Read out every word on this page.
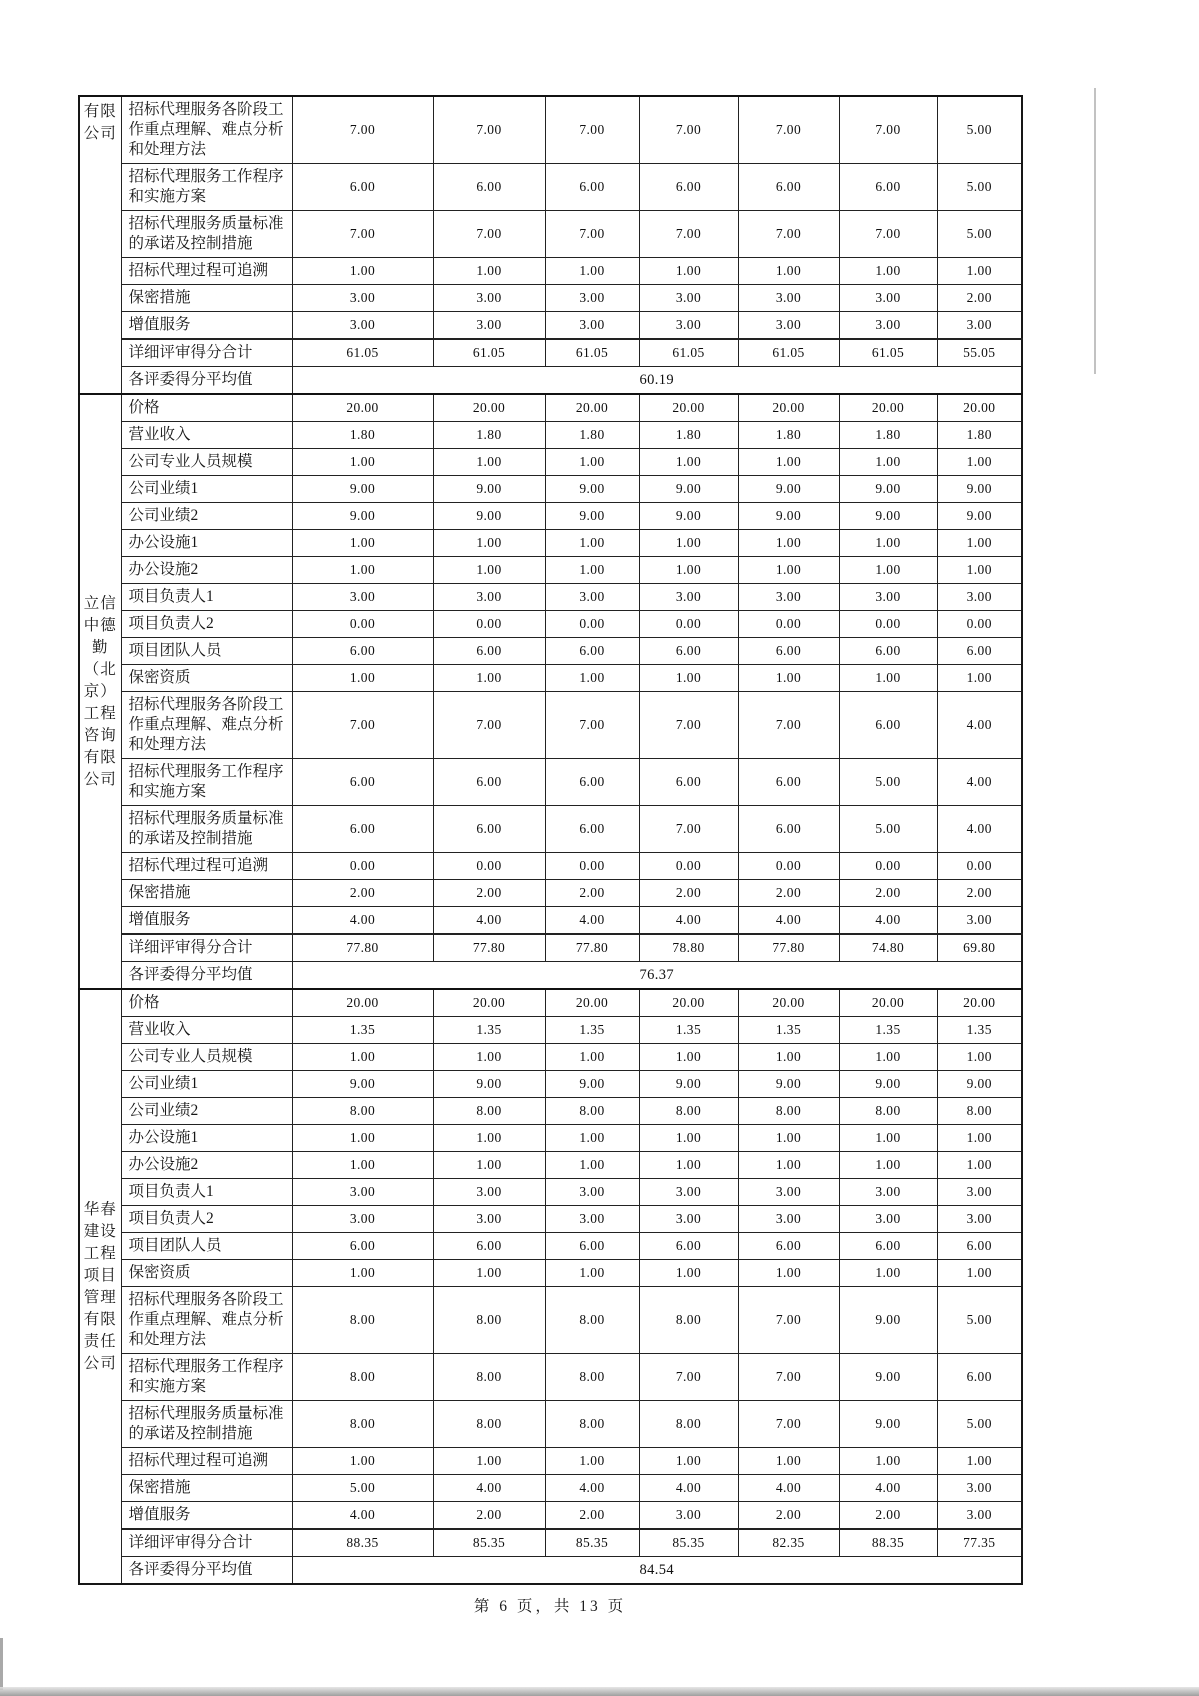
有限
公司	招标代理服务各阶段工作重点理解、难点分析和处理方法	7.00	7.00	7.00	7.00	7.00	7.00	5.00
	招标代理服务工作程序和实施方案	6.00	6.00	6.00	6.00	6.00	6.00	5.00
	招标代理服务质量标准的承诺及控制措施	7.00	7.00	7.00	7.00	7.00	7.00	5.00
	招标代理过程可追溯	1.00	1.00	1.00	1.00	1.00	1.00	1.00
	保密措施	3.00	3.00	3.00	3.00	3.00	3.00	2.00
	增值服务	3.00	3.00	3.00	3.00	3.00	3.00	3.00
	详细评审得分合计	61.05	61.05	61.05	61.05	61.05	61.05	55.05
	各评委得分平均值	60.19						

立信
中德
勤
（北
京）
工程
咨询
有限
公司
	价格	20.00	20.00	20.00	20.00	20.00	20.00	20.00
	营业收入	1.80	1.80	1.80	1.80	1.80	1.80	1.80
	公司专业人员规模	1.00	1.00	1.00	1.00	1.00	1.00	1.00
	公司业绩1	9.00	9.00	9.00	9.00	9.00	9.00	9.00
	公司业绩2	9.00	9.00	9.00	9.00	9.00	9.00	9.00
	办公设施1	1.00	1.00	1.00	1.00	1.00	1.00	1.00
	办公设施2	1.00	1.00	1.00	1.00	1.00	1.00	1.00
	项目负责人1	3.00	3.00	3.00	3.00	3.00	3.00	3.00
	项目负责人2	0.00	0.00	0.00	0.00	0.00	0.00	0.00
	项目团队人员	6.00	6.00	6.00	6.00	6.00	6.00	6.00
	保密资质	1.00	1.00	1.00	1.00	1.00	1.00	1.00
	招标代理服务各阶段工作重点理解、难点分析和处理方法	7.00	7.00	7.00	7.00	7.00	6.00	4.00
	招标代理服务工作程序和实施方案	6.00	6.00	6.00	6.00	6.00	5.00	4.00
	招标代理服务质量标准的承诺及控制措施	6.00	6.00	6.00	7.00	6.00	5.00	4.00
	招标代理过程可追溯	0.00	0.00	0.00	0.00	0.00	0.00	0.00
	保密措施	2.00	2.00	2.00	2.00	2.00	2.00	2.00
	增值服务	4.00	4.00	4.00	4.00	4.00	4.00	3.00
	详细评审得分合计	77.80	77.80	77.80	78.80	77.80	74.80	69.80
	各评委得分平均值	76.37						

华春
建设
工程
项目
管理
有限
责任
公司
	价格	20.00	20.00	20.00	20.00	20.00	20.00	20.00
	营业收入	1.35	1.35	1.35	1.35	1.35	1.35	1.35
	公司专业人员规模	1.00	1.00	1.00	1.00	1.00	1.00	1.00
	公司业绩1	9.00	9.00	9.00	9.00	9.00	9.00	9.00
	公司业绩2	8.00	8.00	8.00	8.00	8.00	8.00	8.00
	办公设施1	1.00	1.00	1.00	1.00	1.00	1.00	1.00
	办公设施2	1.00	1.00	1.00	1.00	1.00	1.00	1.00
	项目负责人1	3.00	3.00	3.00	3.00	3.00	3.00	3.00
	项目负责人2	3.00	3.00	3.00	3.00	3.00	3.00	3.00
	项目团队人员	6.00	6.00	6.00	6.00	6.00	6.00	6.00
	保密资质	1.00	1.00	1.00	1.00	1.00	1.00	1.00
	招标代理服务各阶段工作重点理解、难点分析和处理方法	8.00	8.00	8.00	8.00	7.00	9.00	5.00
	招标代理服务工作程序和实施方案	8.00	8.00	8.00	7.00	7.00	9.00	6.00
	招标代理服务质量标准的承诺及控制措施	8.00	8.00	8.00	8.00	7.00	9.00	5.00
	招标代理过程可追溯	1.00	1.00	1.00	1.00	1.00	1.00	1.00
	保密措施	5.00	4.00	4.00	4.00	4.00	4.00	3.00
	增值服务	4.00	2.00	2.00	3.00	2.00	2.00	3.00
	详细评审得分合计	88.35	85.35	85.35	85.35	82.35	88.35	77.35
	各评委得分平均值	84.54						
第 6 页，共 13 页
